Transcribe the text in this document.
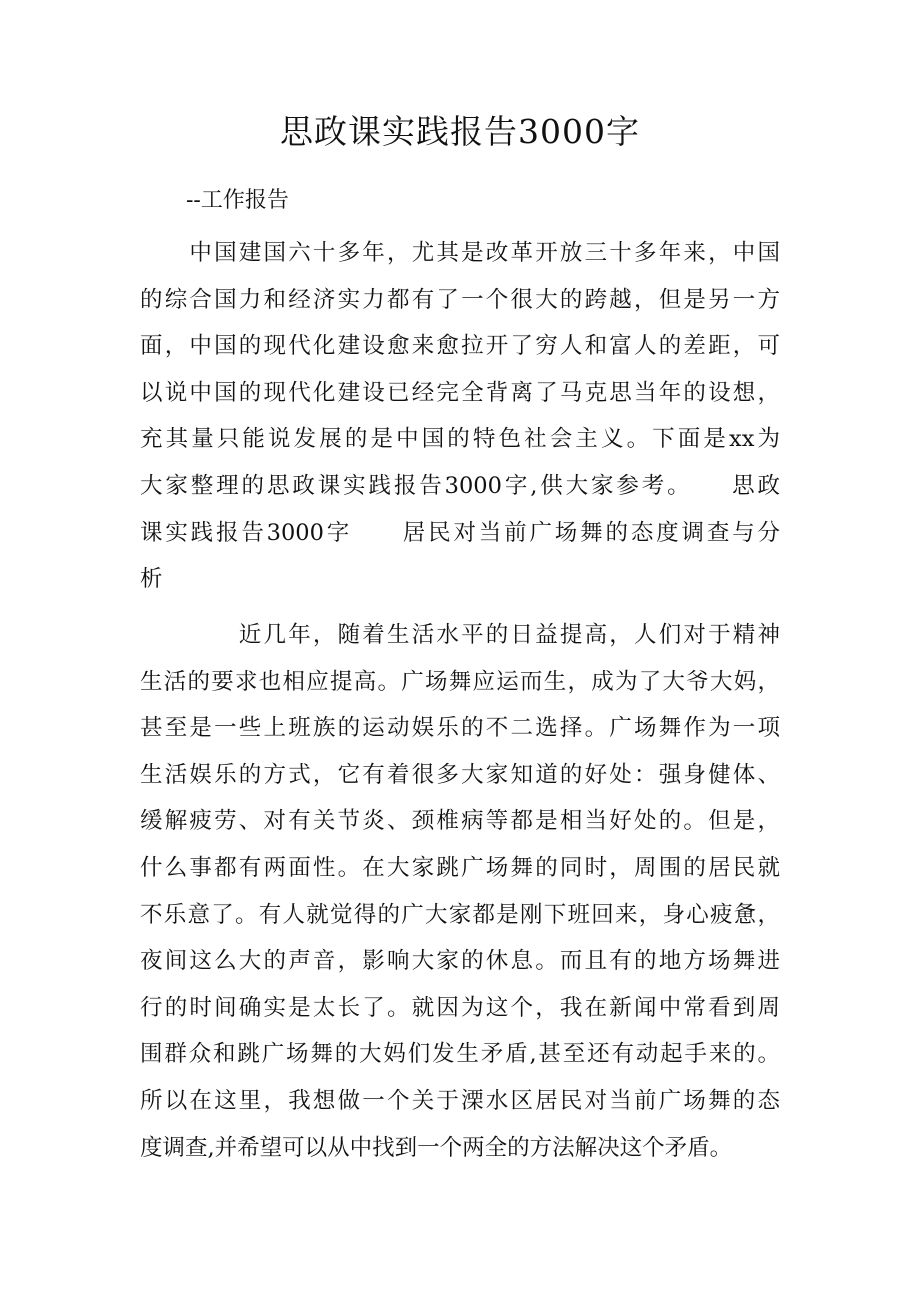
思政课实践报告3000字
--工作报告
　　中国建国六十多年，尤其是改革开放三十多年来，中国
的综合国力和经济实力都有了一个很大的跨越，但是另一方
面，中国的现代化建设愈来愈拉开了穷人和富人的差距，可
以说中国的现代化建设已经完全背离了马克思当年的设想，
充其量只能说发展的是中国的特色社会主义。下面是xx为
大家整理的思政课实践报告3000字,供大家参考。　　思政
课实践报告3000字　　居民对当前广场舞的态度调查与分
析
　　　　近几年，随着生活水平的日益提高，人们对于精神
生活的要求也相应提高。广场舞应运而生，成为了大爷大妈，
甚至是一些上班族的运动娱乐的不二选择。广场舞作为一项
生活娱乐的方式，它有着很多大家知道的好处：强身健体、
缓解疲劳、对有关节炎、颈椎病等都是相当好处的。但是，
什么事都有两面性。在大家跳广场舞的同时，周围的居民就
不乐意了。有人就觉得的广大家都是刚下班回来，身心疲惫，
夜间这么大的声音，影响大家的休息。而且有的地方场舞进
行的时间确实是太长了。就因为这个，我在新闻中常看到周
围群众和跳广场舞的大妈们发生矛盾,甚至还有动起手来的。
所以在这里，我想做一个关于溧水区居民对当前广场舞的态
度调查,并希望可以从中找到一个两全的方法解决这个矛盾。
